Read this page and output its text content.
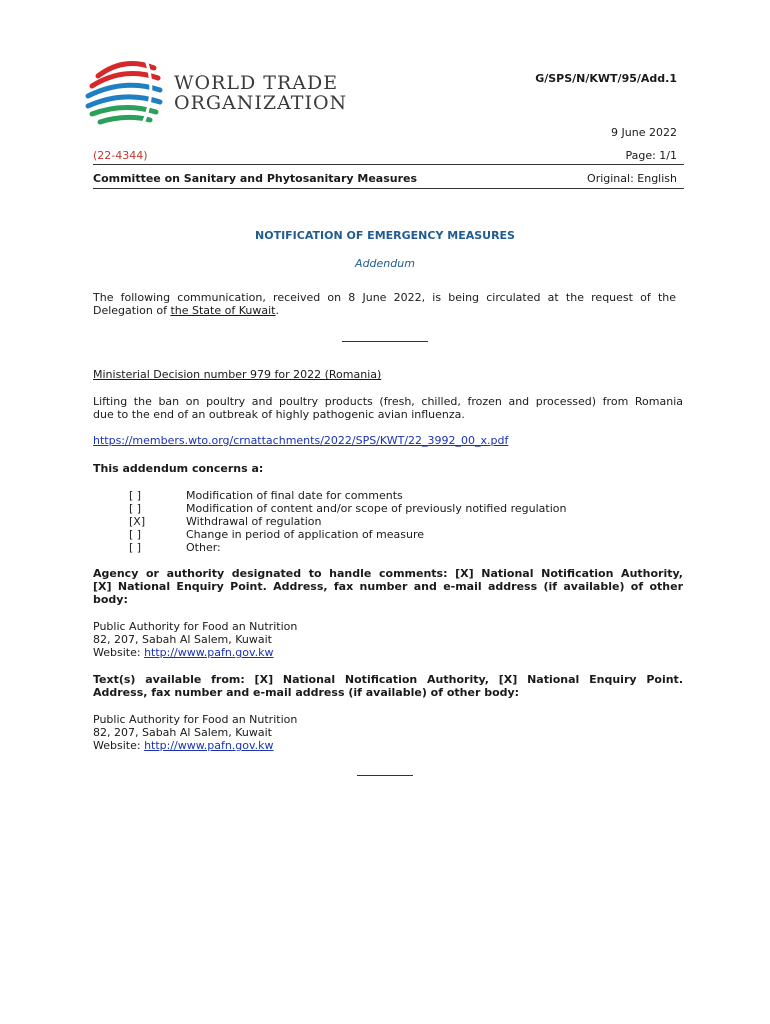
WORLD TRADE
ORGANIZATION
G/SPS/N/KWT/95/Add.1
9 June 2022
(22-4344)	Page: 1/1
Committee on Sanitary and Phytosanitary Measures	Original: English
NOTIFICATION OF EMERGENCY MEASURES
Addendum
The following communication, received on 8 June 2022, is being circulated at the request of the
Delegation of the State of Kuwait.
Ministerial Decision number 979 for 2022 (Romania)
Lifting the ban on poultry and poultry products (fresh, chilled, frozen and processed) from Romania
due to the end of an outbreak of highly pathogenic avian influenza.
https://members.wto.org/crnattachments/2022/SPS/KWT/22_3992_00_x.pdf
This addendum concerns a:
[ ]	Modification of final date for comments
[ ]	Modification of content and/or scope of previously notified regulation
[X]	Withdrawal of regulation
[ ]	Change in period of application of measure
[ ]	Other:
Agency or authority designated to handle comments: [X] National Notification Authority,
[X] National Enquiry Point. Address, fax number and e-mail address (if available) of other
body:
Public Authority for Food an Nutrition
82, 207, Sabah Al Salem, Kuwait
Website: http://www.pafn.gov.kw
Text(s) available from: [X] National Notification Authority, [X] National Enquiry Point.
Address, fax number and e-mail address (if available) of other body:
Public Authority for Food an Nutrition
82, 207, Sabah Al Salem, Kuwait
Website: http://www.pafn.gov.kw
